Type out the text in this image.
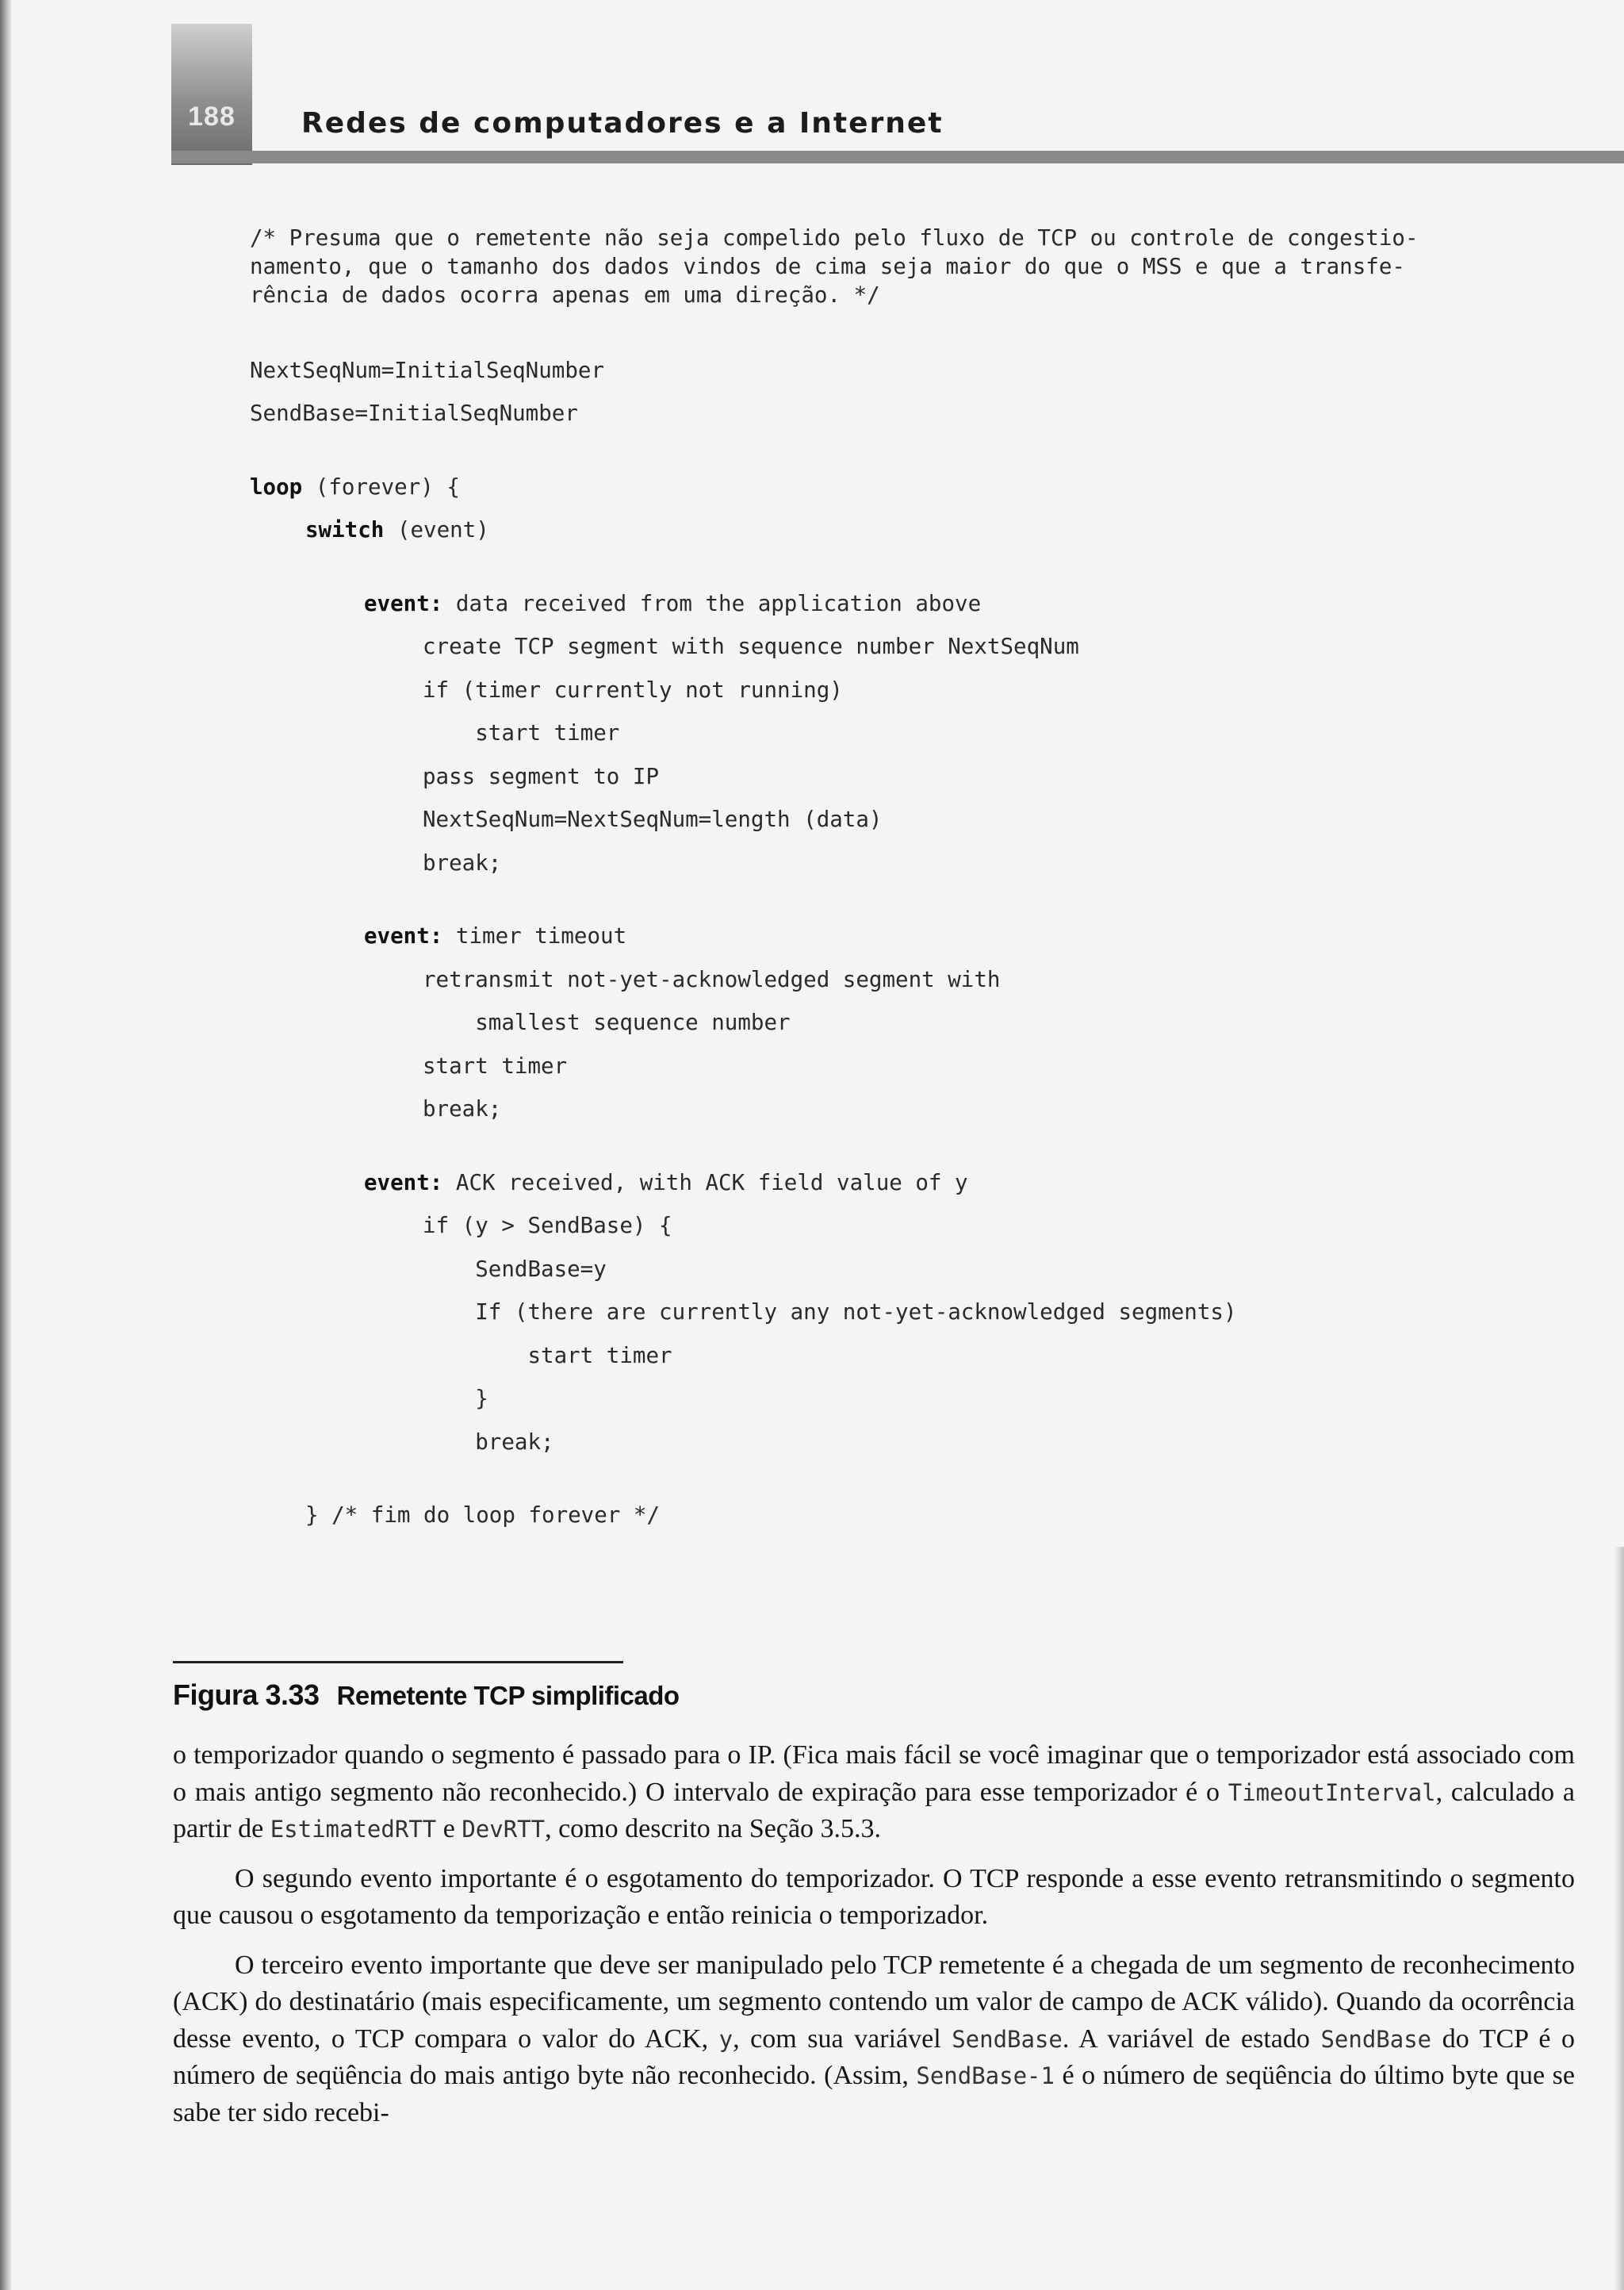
188	Redes de computadores e a Internet
/* Presuma que o remetente não seja compelido pelo fluxo de TCP ou controle de congestio-
namento, que o tamanho dos dados vindos de cima seja maior do que o MSS e que a transfe-
rência de dados ocorra apenas em uma direção. */
NextSeqNum=InitialSeqNumber
SendBase=InitialSeqNumber
loop (forever) {
switch (event)
event: data received from the application above
create TCP segment with sequence number NextSeqNum
if (timer currently not running)
start timer
pass segment to IP
NextSeqNum=NextSeqNum=length (data)
break;
event: timer timeout
retransmit not-yet-acknowledged segment with
smallest sequence number
start timer
break;
event: ACK received, with ACK field value of y
if (y > SendBase) {
SendBase=y
If (there are currently any not-yet-acknowledged segments)
start timer
}
break;
} /* fim do loop forever */
Figura 3.33 Remetente TCP simplificado

o temporizador quando o segmento é passado para o IP. (Fica mais fácil se você imaginar que o temporizador está associado com o mais antigo segmento não reconhecido.) O intervalo de expiração para esse temporizador é o TimeoutInterval, calculado a partir de EstimatedRTT e DevRTT, como descrito na Seção 3.5.3.

O segundo evento importante é o esgotamento do temporizador. O TCP responde a esse evento retransmitindo o segmento que causou o esgotamento da temporização e então reinicia o temporizador.

O terceiro evento importante que deve ser manipulado pelo TCP remetente é a chegada de um segmento de reconhecimento (ACK) do destinatário (mais especificamente, um segmento contendo um valor de campo de ACK válido). Quando da ocorrência desse evento, o TCP compara o valor do ACK, y, com sua variável SendBase. A variável de estado SendBase do TCP é o número de seqüência do mais antigo byte não reconhecido. (Assim, SendBase-1 é o número de seqüência do último byte que se sabe ter sido recebi-
